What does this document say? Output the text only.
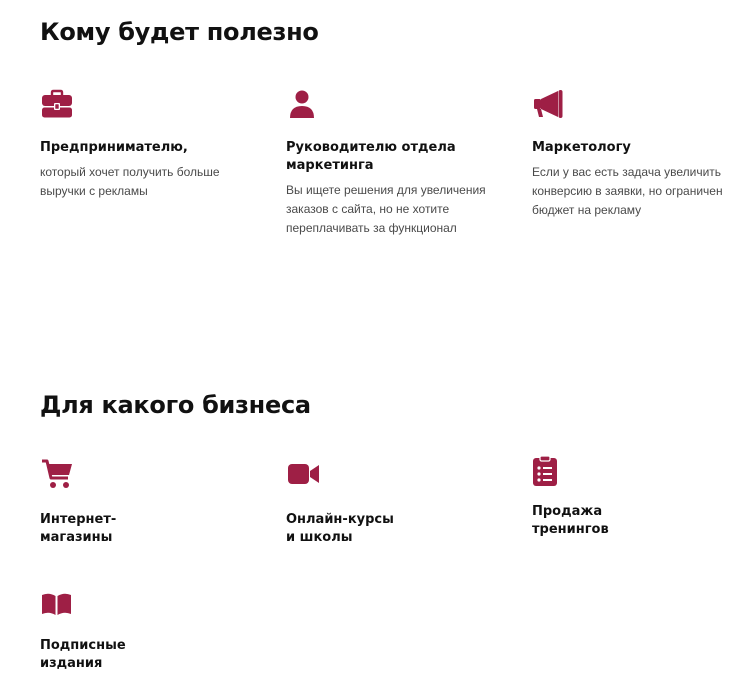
Кому будет полезно

Предпринимателю,

который хочет получить больше
выручки с рекламы

Руководителю отдела
маркетинга

Вы ищете решения для увеличения
заказов с сайта, но не хотите
переплачивать за функционал

Маркетологу

Если у вас есть задача увеличить
конверсию в заявки, но ограничен
бюджет на рекламу

Для какого бизнеса

Интернет-
магазины

Онлайн-курсы
и школы

Продажа
тренингов

Подписные
издания
